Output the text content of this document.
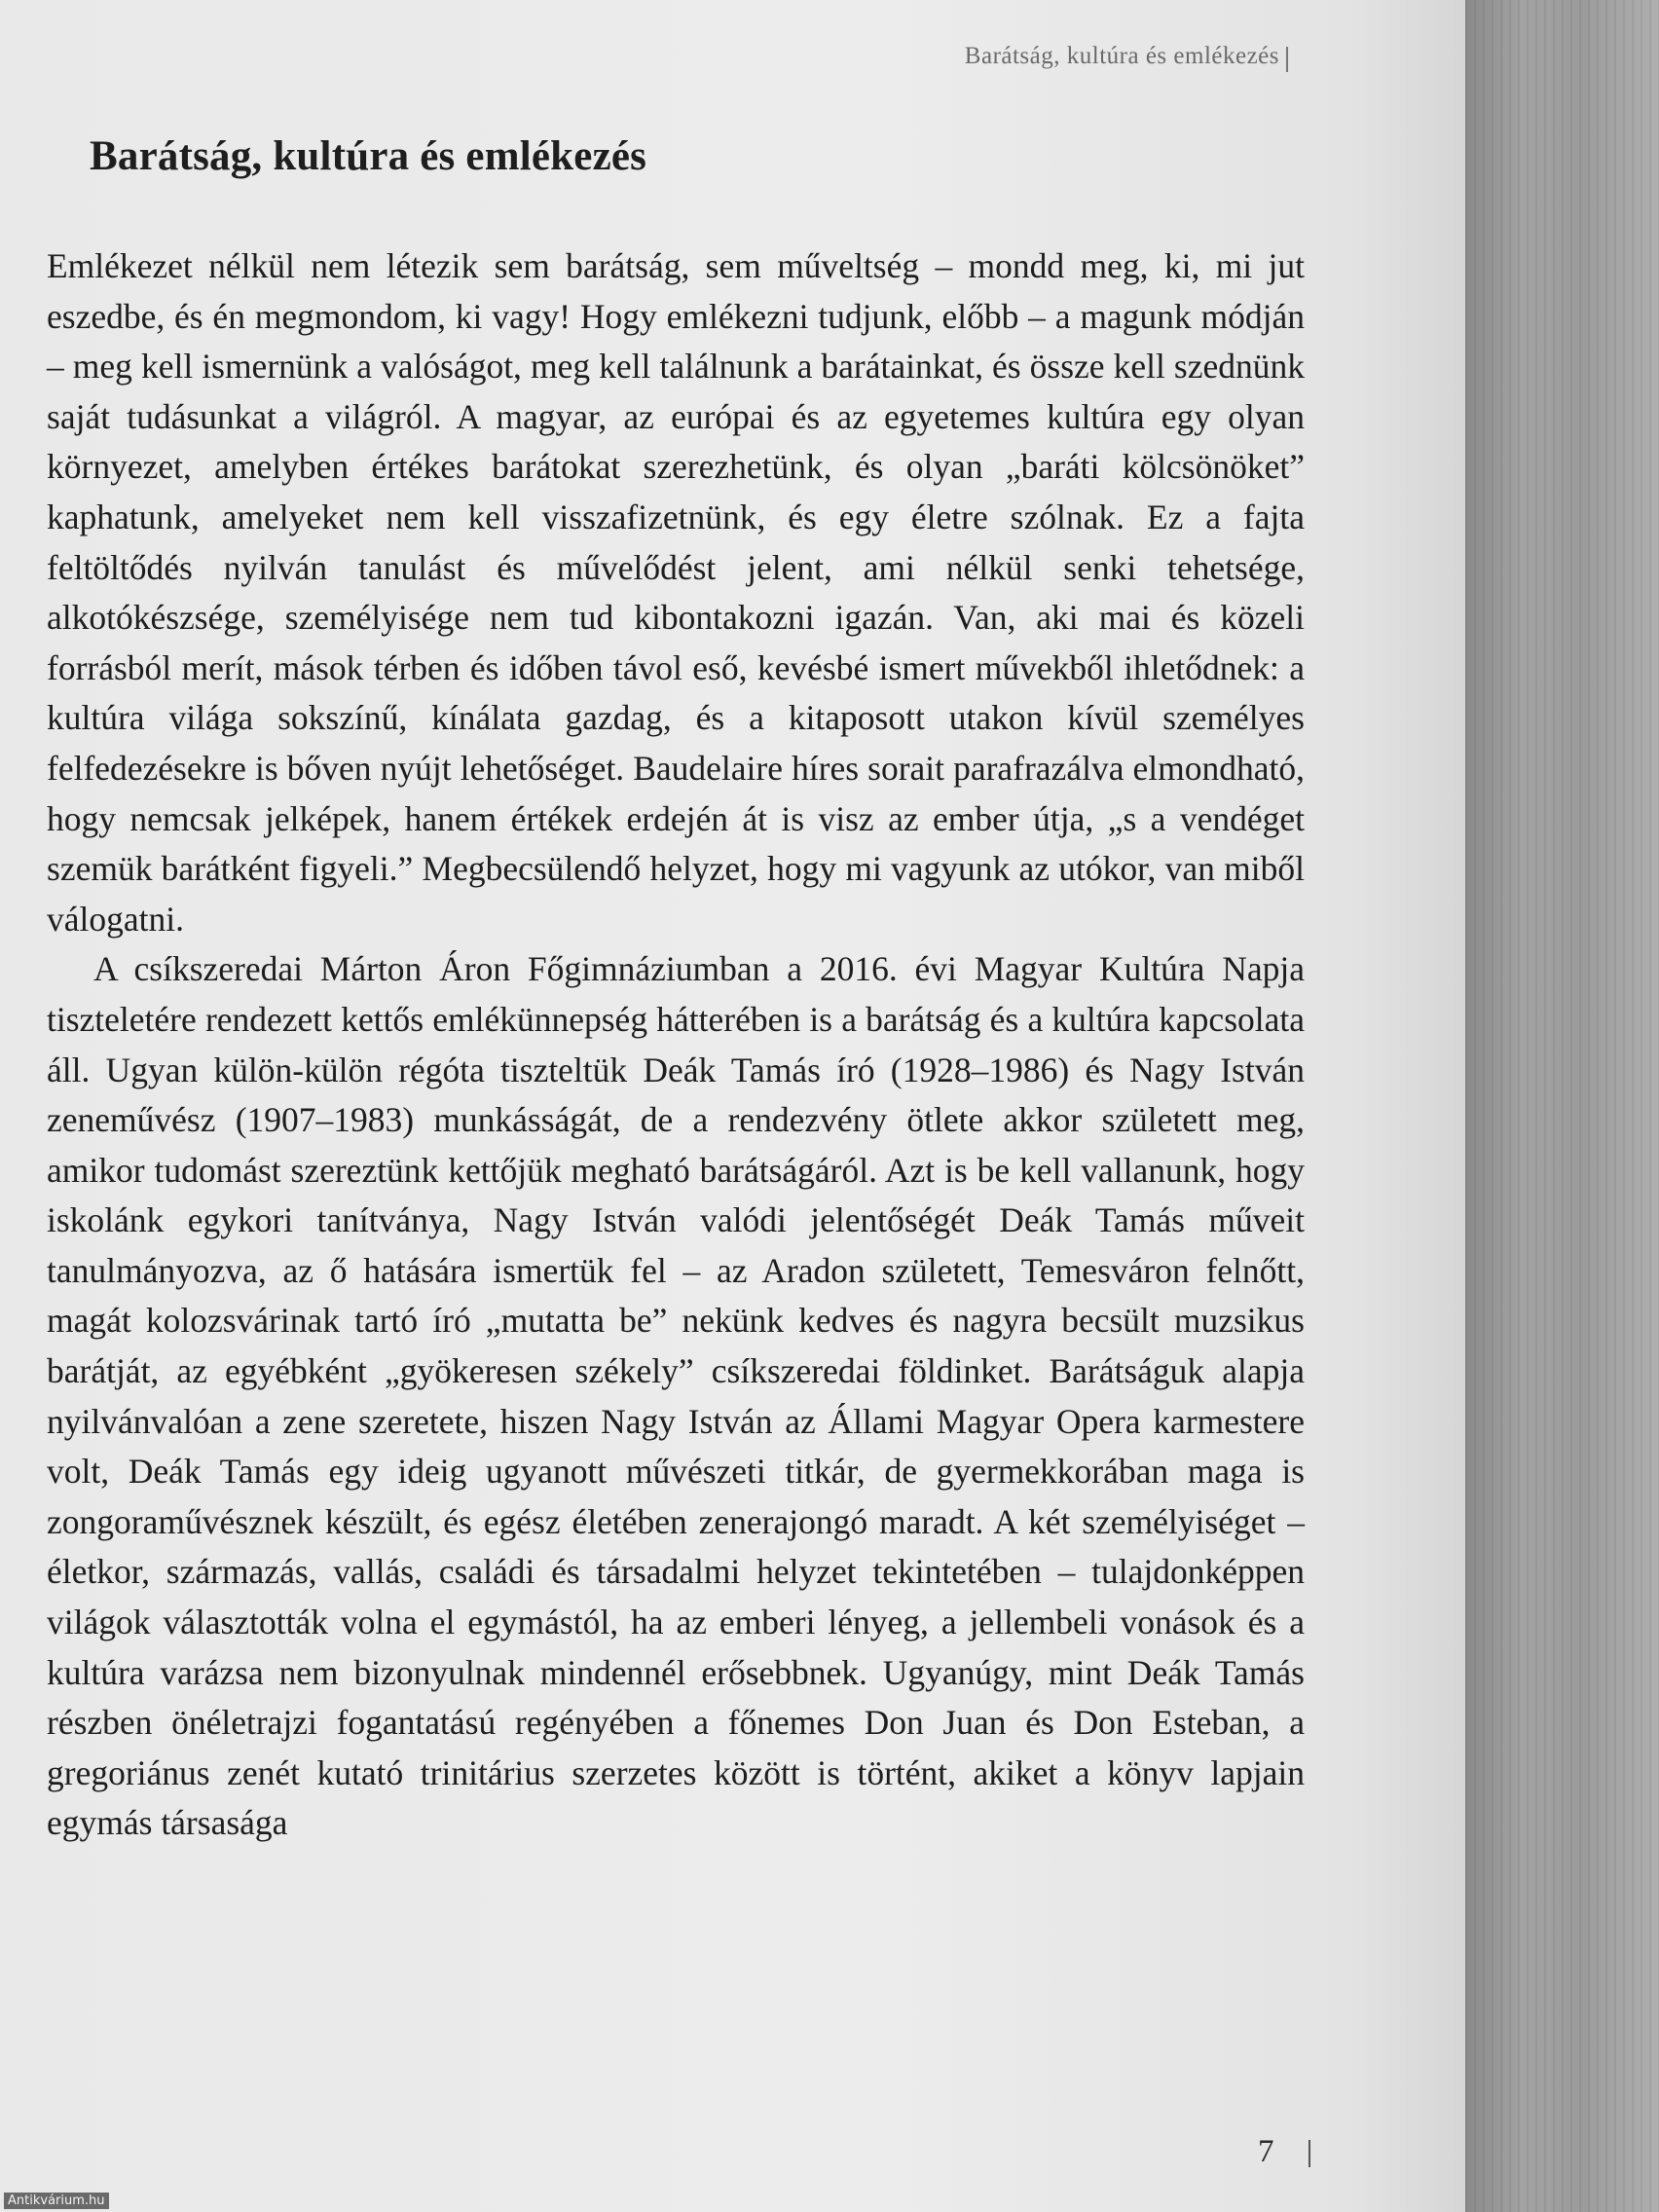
Barátság, kultúra és emlékezés
Barátság, kultúra és emlékezés

Emlékezet nélkül nem létezik sem barátság, sem műveltség – mondd meg, ki, mi jut eszedbe, és én megmondom, ki vagy! Hogy emlékezni tudjunk, előbb – a magunk módján – meg kell ismernünk a valóságot, meg kell találnunk a barátainkat, és össze kell szednünk saját tudásunkat a világról. A magyar, az európai és az egyetemes kultúra egy olyan környezet, amelyben értékes barátokat szerezhetünk, és olyan „baráti kölcsönöket” kaphatunk, amelyeket nem kell visszafizetnünk, és egy életre szólnak. Ez a fajta feltöltődés nyilván tanulást és művelődést jelent, ami nélkül senki tehetsége, alkotókészsége, személyisége nem tud kibontakozni igazán. Van, aki mai és közeli forrásból merít, mások térben és időben távol eső, kevésbé ismert művekből ihletődnek: a kultúra világa sokszínű, kínálata gazdag, és a kitaposott utakon kívül személyes felfedezésekre is bőven nyújt lehetőséget. Baudelaire híres sorait parafrazálva elmondható, hogy nemcsak jelképek, hanem értékek erdején át is visz az ember útja, „s a vendéget szemük barátként figyeli.” Megbecsülendő helyzet, hogy mi vagyunk az utókor, van miből válogatni.

A csíkszeredai Márton Áron Főgimnáziumban a 2016. évi Magyar Kultúra Napja tiszteletére rendezett kettős emlékünnepség hátterében is a barátság és a kultúra kapcsolata áll. Ugyan külön-külön régóta tiszteltük Deák Tamás író (1928–1986) és Nagy István zeneművész (1907–1983) munkásságát, de a rendezvény ötlete akkor született meg, amikor tudomást szereztünk kettőjük megható barátságáról. Azt is be kell vallanunk, hogy iskolánk egykori tanítványa, Nagy István valódi jelentőségét Deák Tamás műveit tanulmányozva, az ő hatására ismertük fel – az Aradon született, Temesváron felnőtt, magát kolozsvárinak tartó író „mutatta be” nekünk kedves és nagyra becsült muzsikus barátját, az egyébként „gyökeresen székely” csíkszeredai földinket. Barátságuk alapja nyilvánvalóan a zene szeretete, hiszen Nagy István az Állami Magyar Opera karmestere volt, Deák Tamás egy ideig ugyanott művészeti titkár, de gyermekkorában maga is zongoraművésznek készült, és egész életében zenerajongó maradt. A két személyiséget – életkor, származás, vallás, családi és társadalmi helyzet tekintetében – tulajdonképpen világok választották volna el egymástól, ha az emberi lényeg, a jellembeli vonások és a kultúra varázsa nem bizonyulnak mindennél erősebbnek. Ugyanúgy, mint Deák Tamás részben önéletrajzi fogantatású regényében a főnemes Don Juan és Don Esteban, a gregoriánus zenét kutató trinitárius szerzetes között is történt, akiket a könyv lapjain egymás társasága

7
Antikvárium.hu
